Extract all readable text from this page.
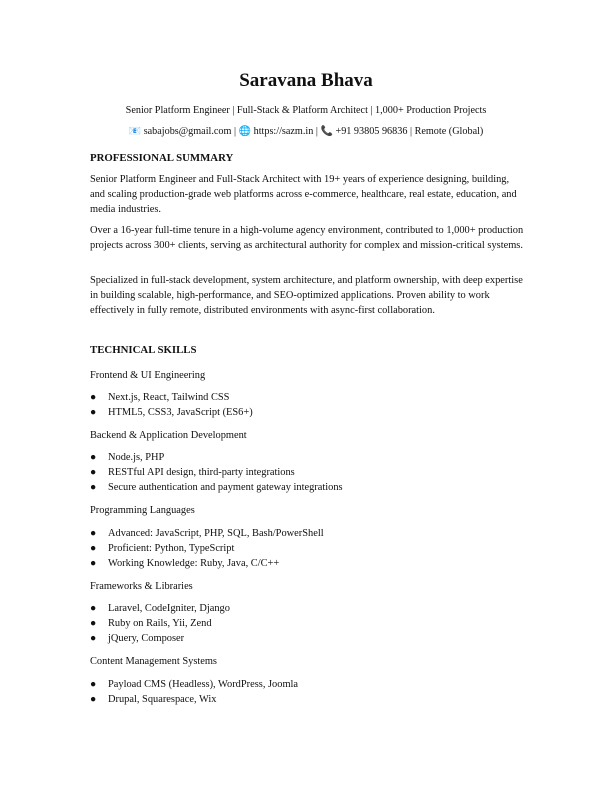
Saravana Bhava
Senior Platform Engineer | Full-Stack & Platform Architect | 1,000+ Production Projects
📧 sabajobs@gmail.com | 🌐 https://sazm.in | 📞 +91 93805 96836 | Remote (Global)
PROFESSIONAL SUMMARY
Senior Platform Engineer and Full-Stack Architect with 19+ years of experience designing, building, and scaling production-grade web platforms across e-commerce, healthcare, real estate, education, and media industries.
Over a 16-year full-time tenure in a high-volume agency environment, contributed to 1,000+ production projects across 300+ clients, serving as architectural authority for complex and mission-critical systems.
Specialized in full-stack development, system architecture, and platform ownership, with deep expertise in building scalable, high-performance, and SEO-optimized applications. Proven ability to work effectively in fully remote, distributed environments with async-first collaboration.
TECHNICAL SKILLS
Frontend & UI Engineering
● Next.js, React, Tailwind CSS
● HTML5, CSS3, JavaScript (ES6+)
Backend & Application Development
● Node.js, PHP
● RESTful API design, third-party integrations
● Secure authentication and payment gateway integrations
Programming Languages
● Advanced: JavaScript, PHP, SQL, Bash/PowerShell
● Proficient: Python, TypeScript
● Working Knowledge: Ruby, Java, C/C++
Frameworks & Libraries
● Laravel, CodeIgniter, Django
● Ruby on Rails, Yii, Zend
● jQuery, Composer
Content Management Systems
● Payload CMS (Headless), WordPress, Joomla
● Drupal, Squarespace, Wix
